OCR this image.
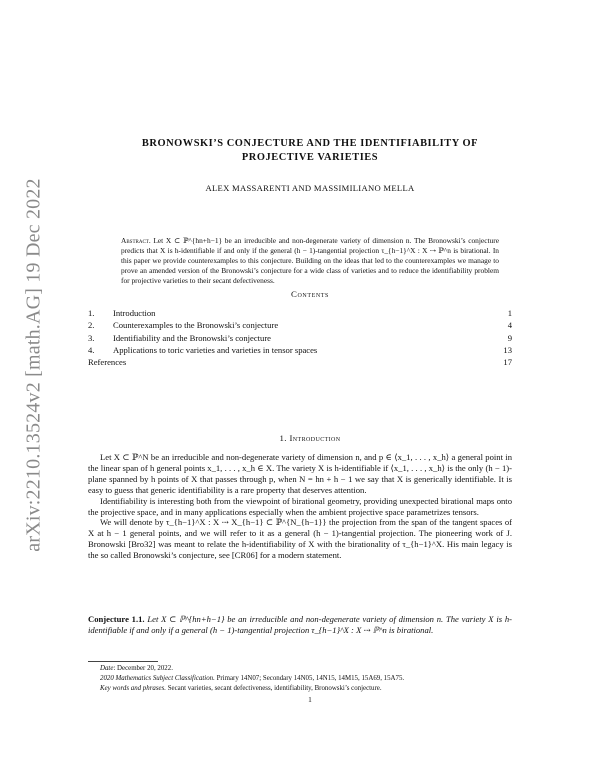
arXiv:2210.13524v2 [math.AG] 19 Dec 2022
BRONOWSKI’S CONJECTURE AND THE IDENTIFIABILITY OF
PROJECTIVE VARIETIES
ALEX MASSARENTI AND MASSIMILIANO MELLA
Abstract. Let X ⊂ ℙ^{hn+h−1} be an irreducible and non-degenerate variety of dimension n. The Bronowski’s conjecture predicts that X is h-identifiable if and only if the general (h − 1)-tangential projection τ_{h−1}^X : X ⇢ ℙ^n is birational. In this paper we provide counterexamples to this conjecture. Building on the ideas that led to the counterexamples we manage to prove an amended version of the Bronowski’s conjecture for a wide class of varieties and to reduce the identifiability problem for projective varieties to their secant defectiveness.
Contents
1.	Introduction	1
2.	Counterexamples to the Bronowski’s conjecture	4
3.	Identifiability and the Bronowski’s conjecture	9
4.	Applications to toric varieties and varieties in tensor spaces	13
References	17
1. Introduction

Let X ⊂ ℙ^N be an irreducible and non-degenerate variety of dimension n, and p ∈ ⟨x_1, . . . , x_h⟩ a general point in the linear span of h general points x_1, . . . , x_h ∈ X. The variety X is h-identifiable if ⟨x_1, . . . , x_h⟩ is the only (h − 1)-plane spanned by h points of X that passes through p, when N = hn + h − 1 we say that X is generically identifiable. It is easy to guess that generic identifiability is a rare property that deserves attention.

Identifiability is interesting both from the viewpoint of birational geometry, providing unexpected birational maps onto the projective space, and in many applications especially when the ambient projective space parametrizes tensors.

We will denote by τ_{h−1}^X : X ⇢ X_{h−1} ⊂ ℙ^{N_{h−1}} the projection from the span of the tangent spaces of X at h − 1 general points, and we will refer to it as a general (h − 1)-tangential projection. The pioneering work of J. Bronowski [Bro32] was meant to relate the h-identifiability of X with the birationality of τ_{h−1}^X. His main legacy is the so called Bronowski’s conjecture, see [CR06] for a modern statement.

Conjecture 1.1. Let X ⊂ ℙ^{hn+h−1} be an irreducible and non-degenerate variety of dimension n. The variety X is h-identifiable if and only if a general (h − 1)-tangential projection τ_{h−1}^X : X ⇢ ℙ^n is birational.
Date: December 20, 2022.
2020 Mathematics Subject Classification. Primary 14N07; Secondary 14N05, 14N15, 14M15, 15A69, 15A75.
Key words and phrases. Secant varieties, secant defectiveness, identifiability, Bronowski’s conjecture.
1
